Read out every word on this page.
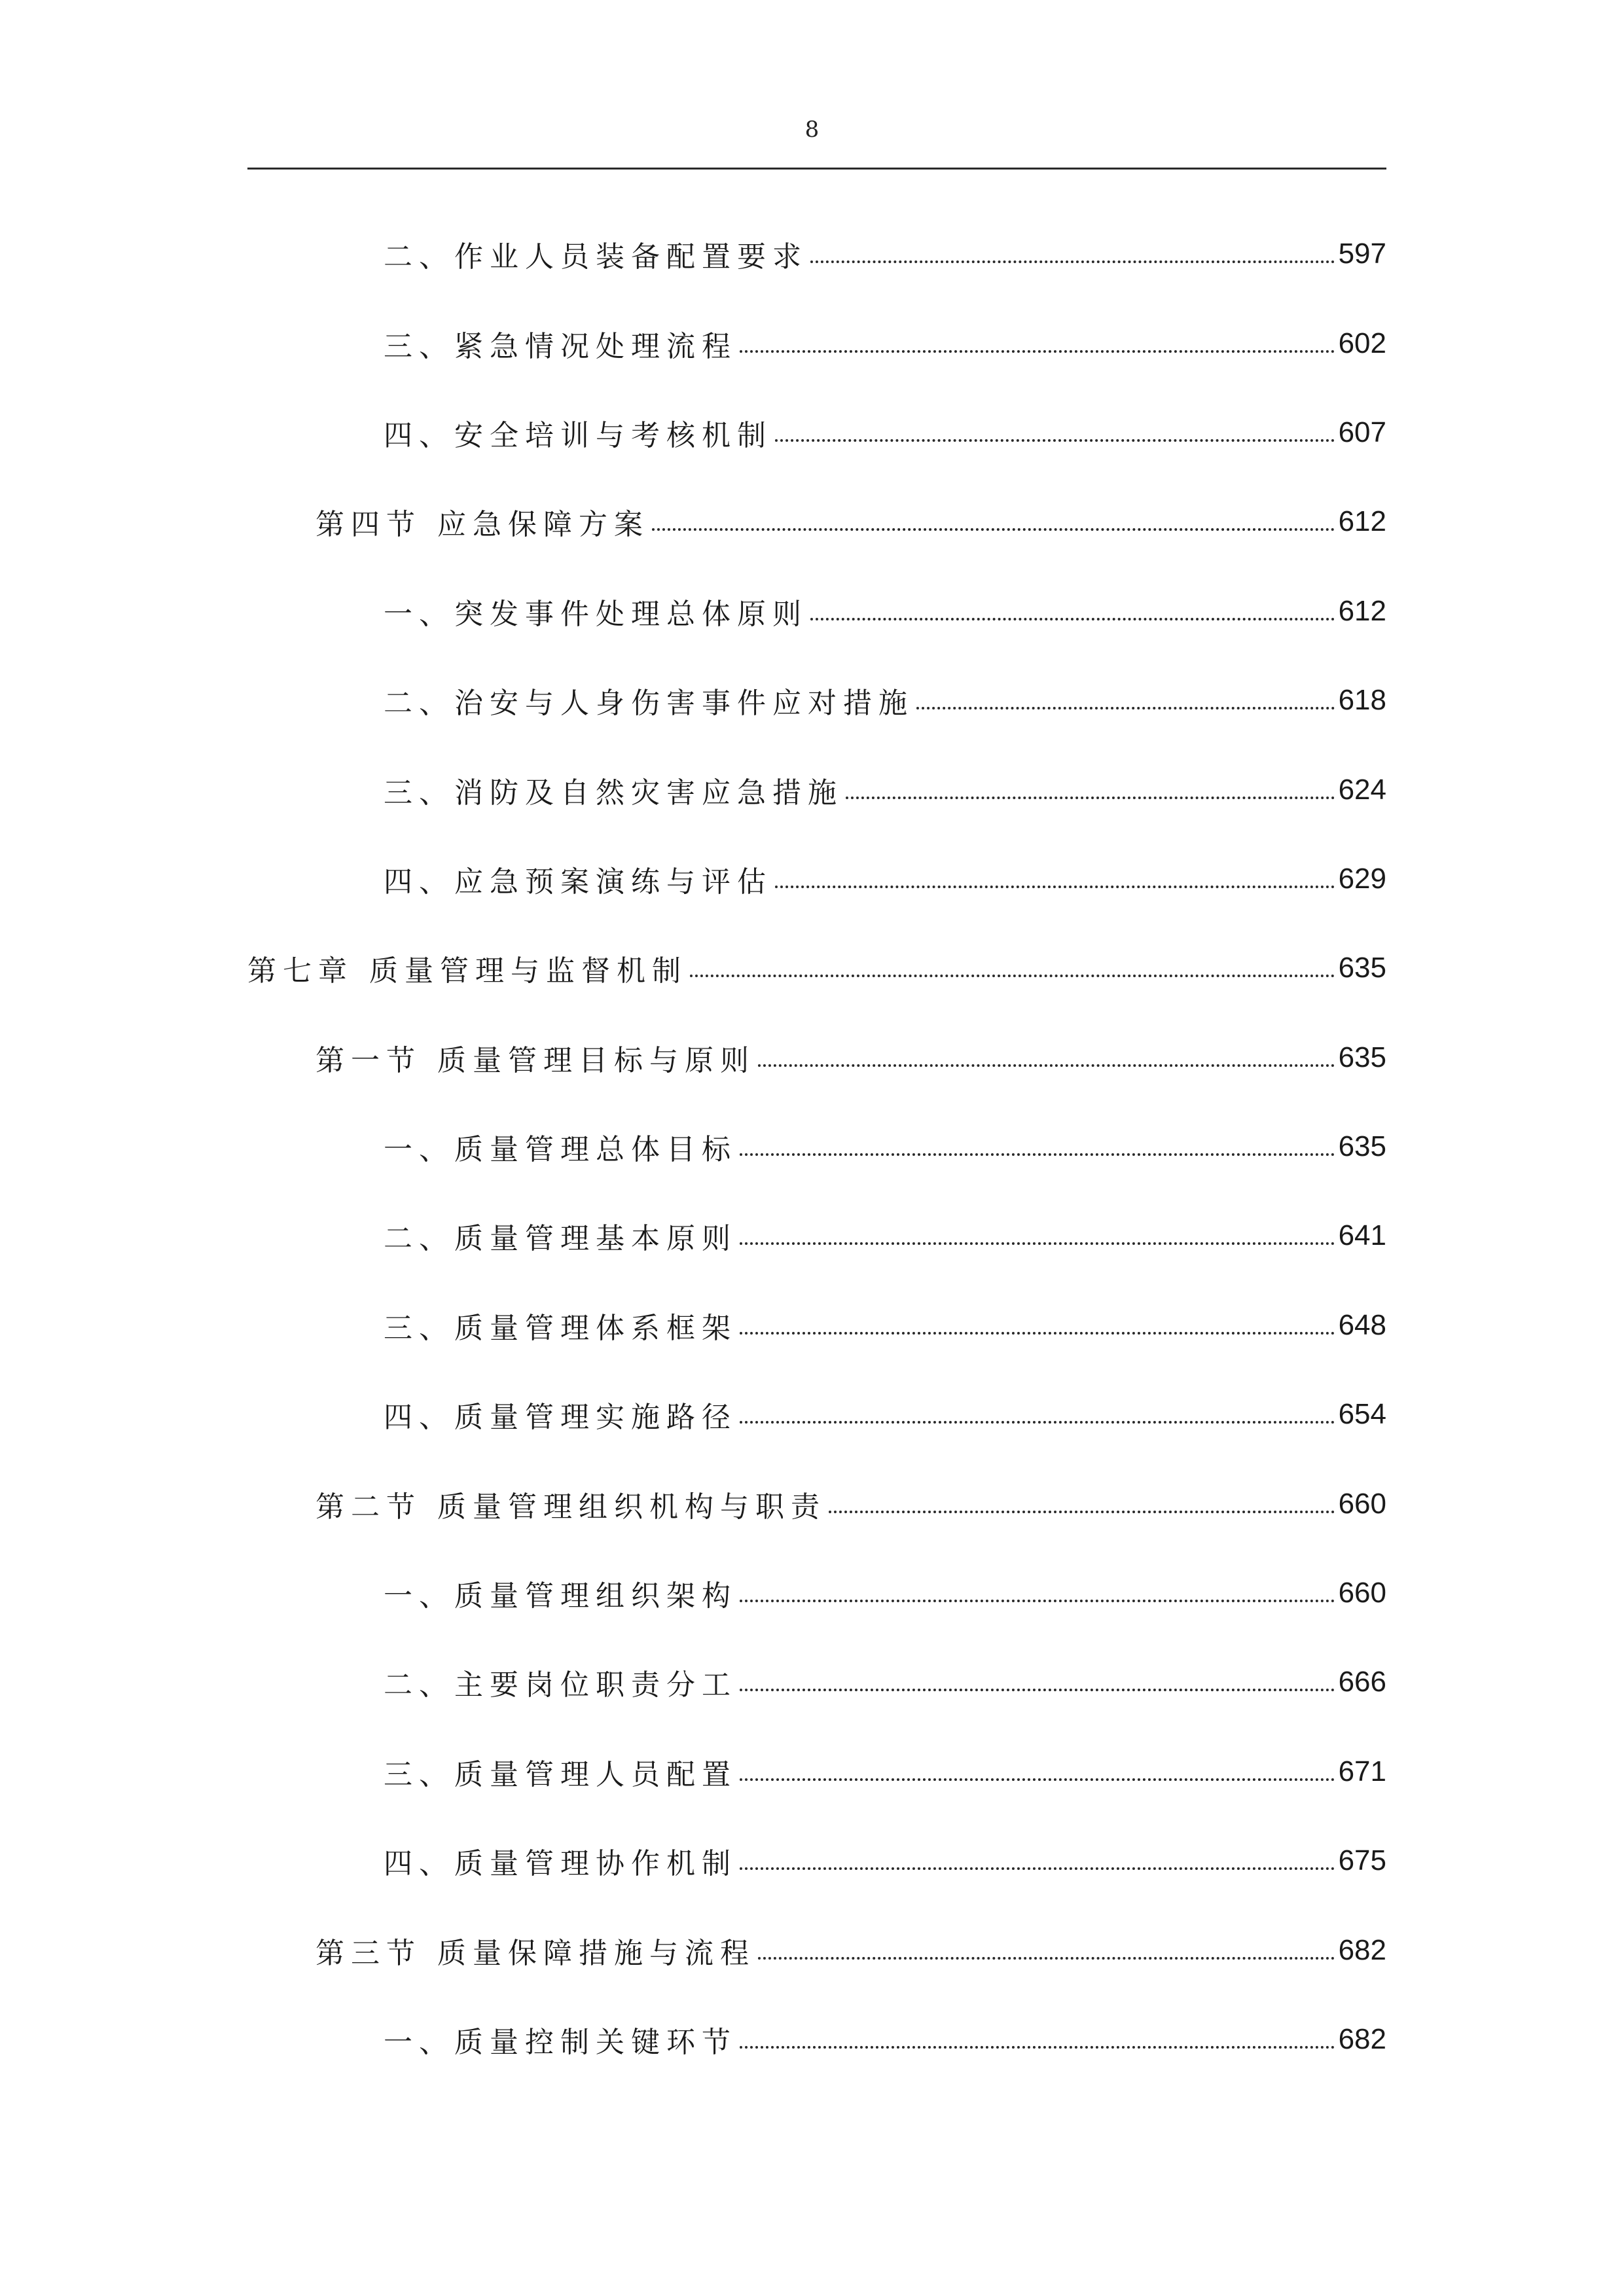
8
二、作业人员装备配置要求	597
三、紧急情况处理流程	602
四、安全培训与考核机制	607
第四节 应急保障方案	612
一、突发事件处理总体原则	612
二、治安与人身伤害事件应对措施	618
三、消防及自然灾害应急措施	624
四、应急预案演练与评估	629
第七章 质量管理与监督机制	635
第一节 质量管理目标与原则	635
一、质量管理总体目标	635
二、质量管理基本原则	641
三、质量管理体系框架	648
四、质量管理实施路径	654
第二节 质量管理组织机构与职责	660
一、质量管理组织架构	660
二、主要岗位职责分工	666
三、质量管理人员配置	671
四、质量管理协作机制	675
第三节 质量保障措施与流程	682
一、质量控制关键环节	682
